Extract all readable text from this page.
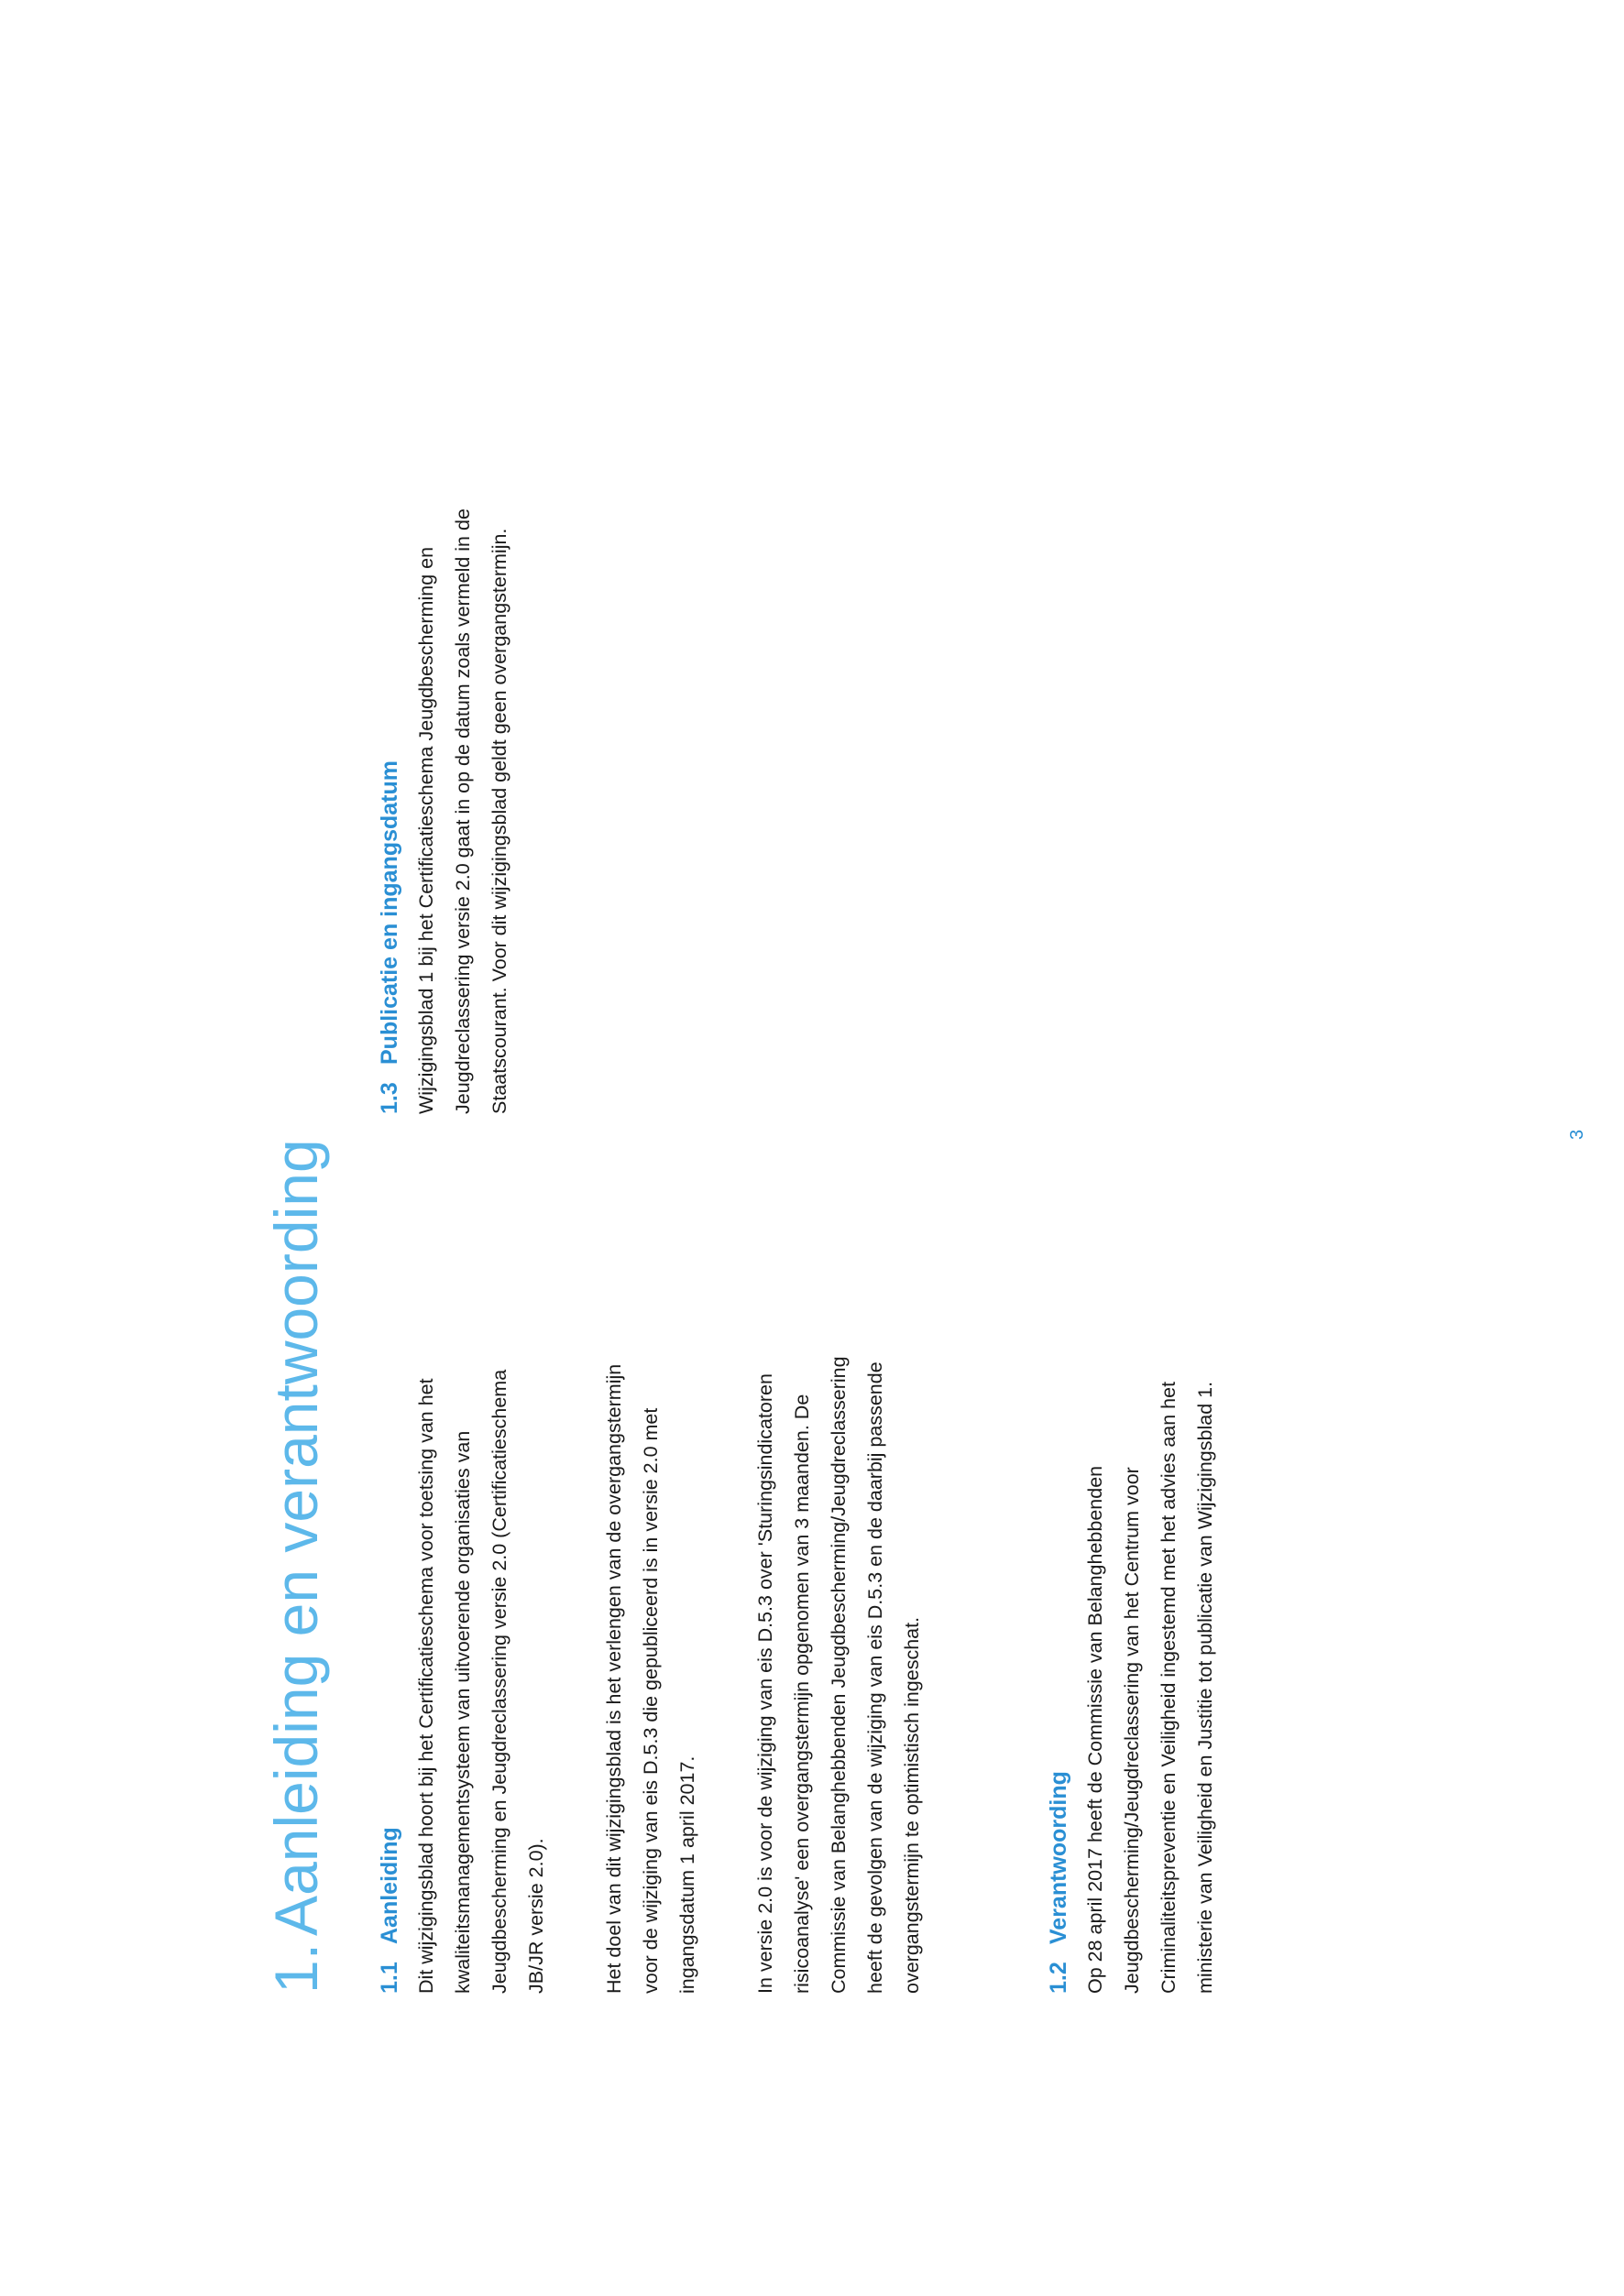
1.Aanleiding en verantwoording
1.1Aanleiding Dit wijzigingsblad hoort bij het Certificatieschema voor toetsing van het kwaliteitsmanagementsysteem van uitvoerende organisaties van Jeugdbescherming en Jeugdreclassering versie 2.0 (Certificatieschema JB/JR versie 2.0).	Het doel van dit wijzigingsblad is het verlengen van de overgangstermijn voor de wijziging van eis D.5.3 die gepubliceerd is in versie 2.0 met ingangsdatum 1 april 2017.	In versie 2.0 is voor de wijziging van eis D.5.3 over 'Sturingsindicatoren risicoanalyse' een overgangstermijn opgenomen van 3 maanden. De Commissie van Belanghebbenden Jeugdbescherming/Jeugdreclassering heeft de gevolgen van de wijziging van eis D.5.3 en de daarbij passende overgangstermijn te optimistisch ingeschat.	1.2Verantwoording Op 28 april 2017 heeft de Commissie van Belanghebbenden Jeugdbescherming/Jeugdreclassering van het Centrum voor Criminaliteitspreventie en Veiligheid ingestemd met het advies aan het ministerie van Veiligheid en Justitie tot publicatie van Wijzigingsblad 1.

1.3Publicatie en ingangsdatum Wijzigingsblad 1 bij het Certificatieschema Jeugdbescherming en Jeugdreclassering versie 2.0 gaat in op de datum zoals vermeld in de Staatscourant. Voor dit wijzigingsblad geldt geen overgangstermijn.

3
